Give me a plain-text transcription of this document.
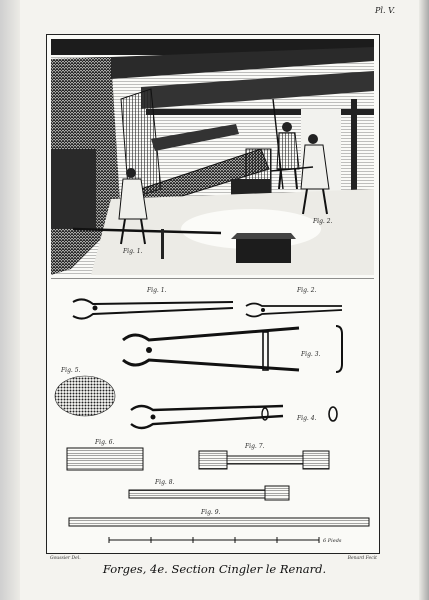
Pl. V.
Fig. 1.
Fig. 2.
6 Pieds
Fig. 1.	Fig. 2.
Fig. 3.
Fig. 4.
Fig. 5.
Fig. 6.
Fig. 7.
Fig. 8.
Fig. 9.
Goussier Del.	Benard Fecit
Forges, 4e. Section Cingler le Renard.
